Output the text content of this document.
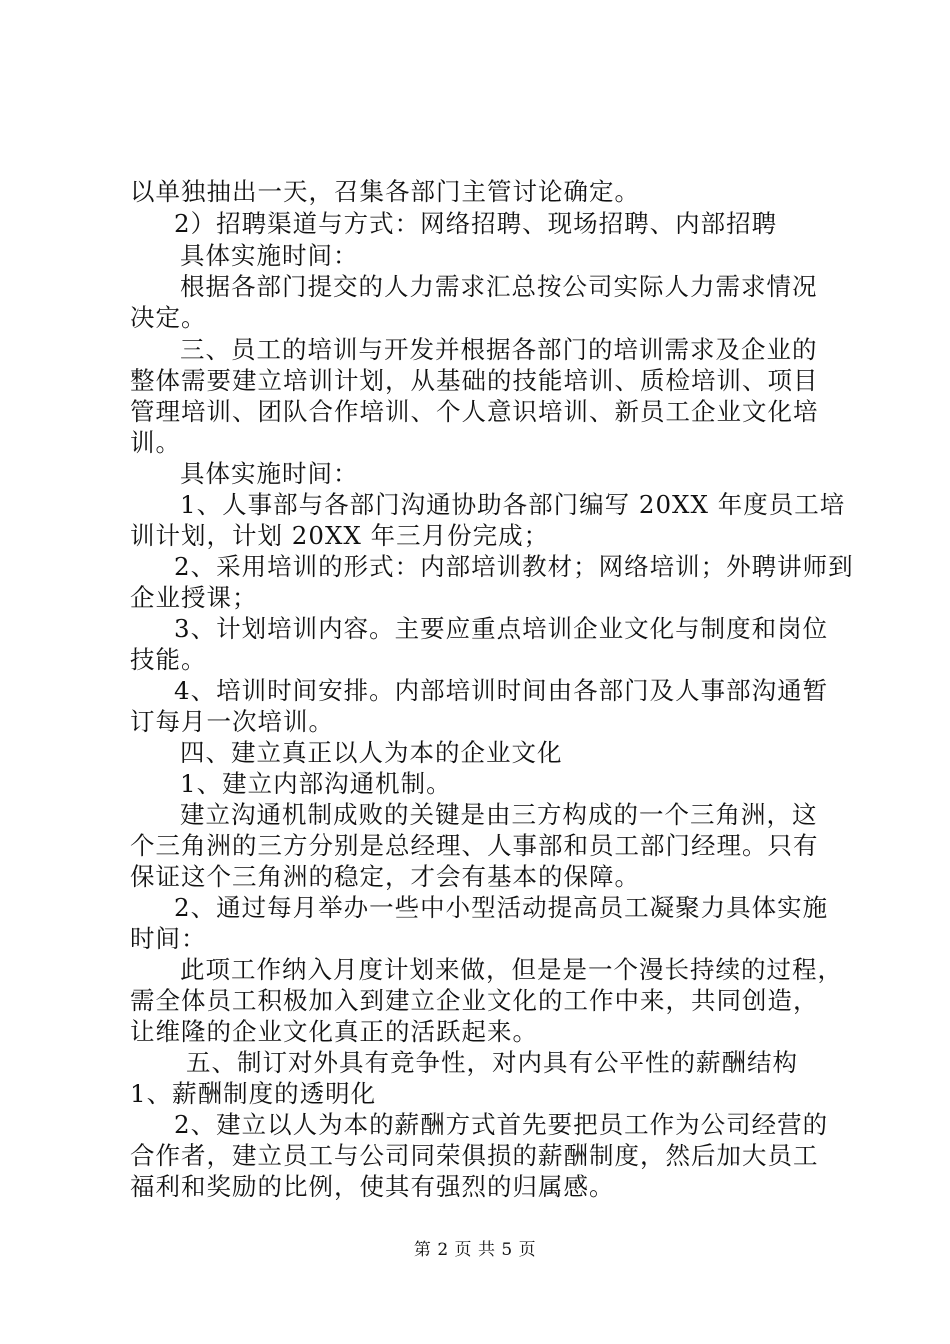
以单独抽出一天，召集各部门主管讨论确定。
2）招聘渠道与方式：网络招聘、现场招聘、内部招聘
具体实施时间：
根据各部门提交的人力需求汇总按公司实际人力需求情况
决定。
三、员工的培训与开发并根据各部门的培训需求及企业的
整体需要建立培训计划，从基础的技能培训、质检培训、项目
管理培训、团队合作培训、个人意识培训、新员工企业文化培
训。
具体实施时间：
1、人事部与各部门沟通协助各部门编写 20XX 年度员工培
训计划，计划 20XX 年三月份完成；
2、采用培训的形式：内部培训教材；网络培训；外聘讲师到
企业授课；
3、计划培训内容。主要应重点培训企业文化与制度和岗位
技能。
4、培训时间安排。内部培训时间由各部门及人事部沟通暂
订每月一次培训。
四、建立真正以人为本的企业文化
1、建立内部沟通机制。
建立沟通机制成败的关键是由三方构成的一个三角洲，这
个三角洲的三方分别是总经理、人事部和员工部门经理。只有
保证这个三角洲的稳定，才会有基本的保障。
2、通过每月举办一些中小型活动提高员工凝聚力具体实施
时间：
此项工作纳入月度计划来做，但是是一个漫长持续的过程，
需全体员工积极加入到建立企业文化的工作中来，共同创造，
让维隆的企业文化真正的活跃起来。
五、制订对外具有竞争性，对内具有公平性的薪酬结构
1、薪酬制度的透明化
2、建立以人为本的薪酬方式首先要把员工作为公司经营的
合作者，建立员工与公司同荣俱损的薪酬制度，然后加大员工
福利和奖励的比例，使其有强烈的归属感。
第 2 页 共 5 页
